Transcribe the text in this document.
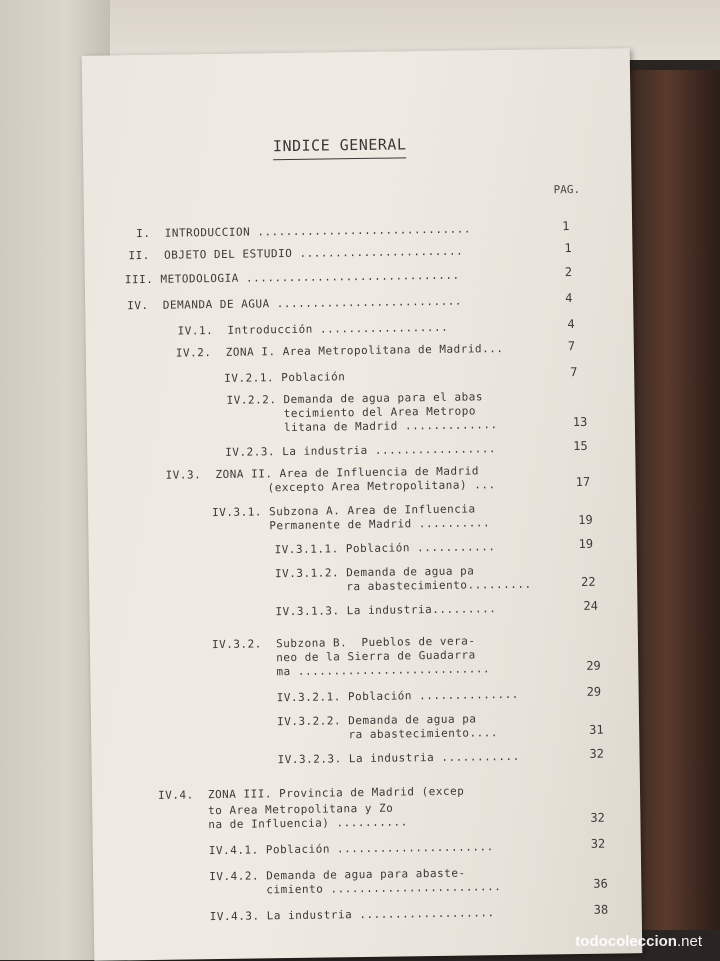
INDICE GENERAL
PAG.
I.  INTRODUCCION ..............................	1
II.  OBJETO DEL ESTUDIO .......................	1
III. METODOLOGIA ..............................	2
IV.  DEMANDA DE AGUA ..........................	4
IV.1.  Introducción ..................	4
IV.2.  ZONA I. Area Metropolitana de Madrid...	7
IV.2.1. Población	7
IV.2.2. Demanda de agua para el abas
tecimiento del Area Metropo
litana de Madrid .............	13
IV.2.3. La industria .................	15
IV.3.  ZONA II. Area de Influencia de Madrid
(excepto Area Metropolitana) ...	17
IV.3.1. Subzona A. Area de Influencia
Permanente de Madrid ..........	19
IV.3.1.1. Población ...........	19
IV.3.1.2. Demanda de agua pa
ra abastecimiento.........	22
IV.3.1.3. La industria.........	24
IV.3.2.  Subzona B.  Pueblos de vera-
neo de la Sierra de Guadarra
ma ...........................	29
IV.3.2.1. Población ..............	29
IV.3.2.2. Demanda de agua pa
ra abastecimiento....	31
IV.3.2.3. La industria ...........	32
IV.4.  ZONA III. Provincia de Madrid (excep
to Area Metropolitana y Zo
na de Influencia) ..........	32
IV.4.1. Población ......................	32
IV.4.2. Demanda de agua para abaste-
cimiento ........................	36
IV.4.3. La industria ...................	38
todocoleccion.net
